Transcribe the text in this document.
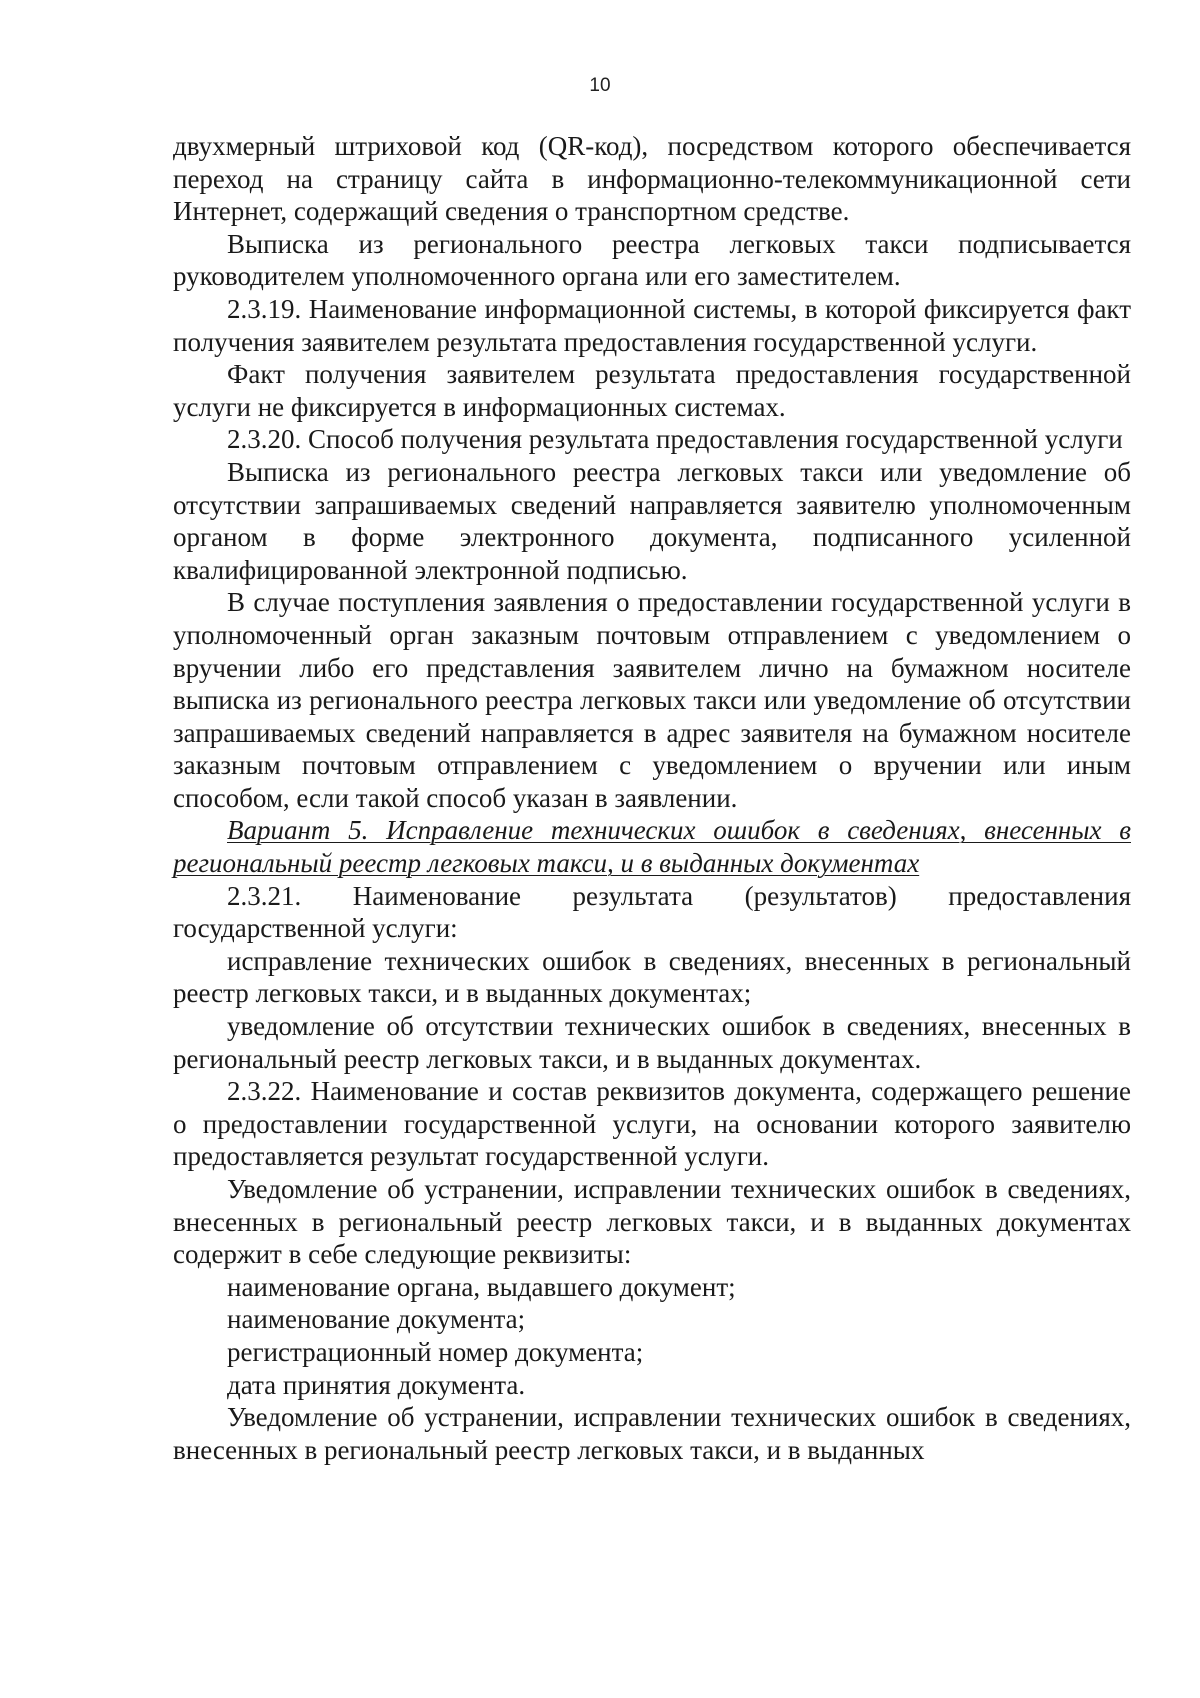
10

двухмерный штриховой код (QR-код), посредством которого обеспечивается переход на страницу сайта в информационно-телекоммуникационной сети Интернет, содержащий сведения о транспортном средстве.

Выписка из регионального реестра легковых такси подписывается руководителем уполномоченного органа или его заместителем.

2.3.19. Наименование информационной системы, в которой фиксируется факт получения заявителем результата предоставления государственной услуги.

Факт получения заявителем результата предоставления государственной услуги не фиксируется в информационных системах.

2.3.20. Способ получения результата предоставления государственной услуги

Выписка из регионального реестра легковых такси или уведомление об отсутствии запрашиваемых сведений направляется заявителю уполномоченным органом в форме электронного документа, подписанного усиленной квалифицированной электронной подписью.

В случае поступления заявления о предоставлении государственной услуги в уполномоченный орган заказным почтовым отправлением с уведомлением о вручении либо его представления заявителем лично на бумажном носителе выписка из регионального реестра легковых такси или уведомление об отсутствии запрашиваемых сведений направляется в адрес заявителя на бумажном носителе заказным почтовым отправлением с уведомлением о вручении или иным способом, если такой способ указан в заявлении.

Вариант 5. Исправление технических ошибок в сведениях, внесенных в региональный реестр легковых такси, и в выданных документах

2.3.21. Наименование результата (результатов) предоставления государственной услуги:

исправление технических ошибок в сведениях, внесенных в региональный реестр легковых такси, и в выданных документах;

уведомление об отсутствии технических ошибок в сведениях, внесенных в региональный реестр легковых такси, и в выданных документах.

2.3.22. Наименование и состав реквизитов документа, содержащего решение о предоставлении государственной услуги, на основании которого заявителю предоставляется результат государственной услуги.

Уведомление об устранении, исправлении технических ошибок в сведениях, внесенных в региональный реестр легковых такси, и в выданных документах содержит в себе следующие реквизиты:

наименование органа, выдавшего документ;

наименование документа;

регистрационный номер документа;

дата принятия документа.

Уведомление об устранении, исправлении технических ошибок в сведениях, внесенных в региональный реестр легковых такси, и в выданных
